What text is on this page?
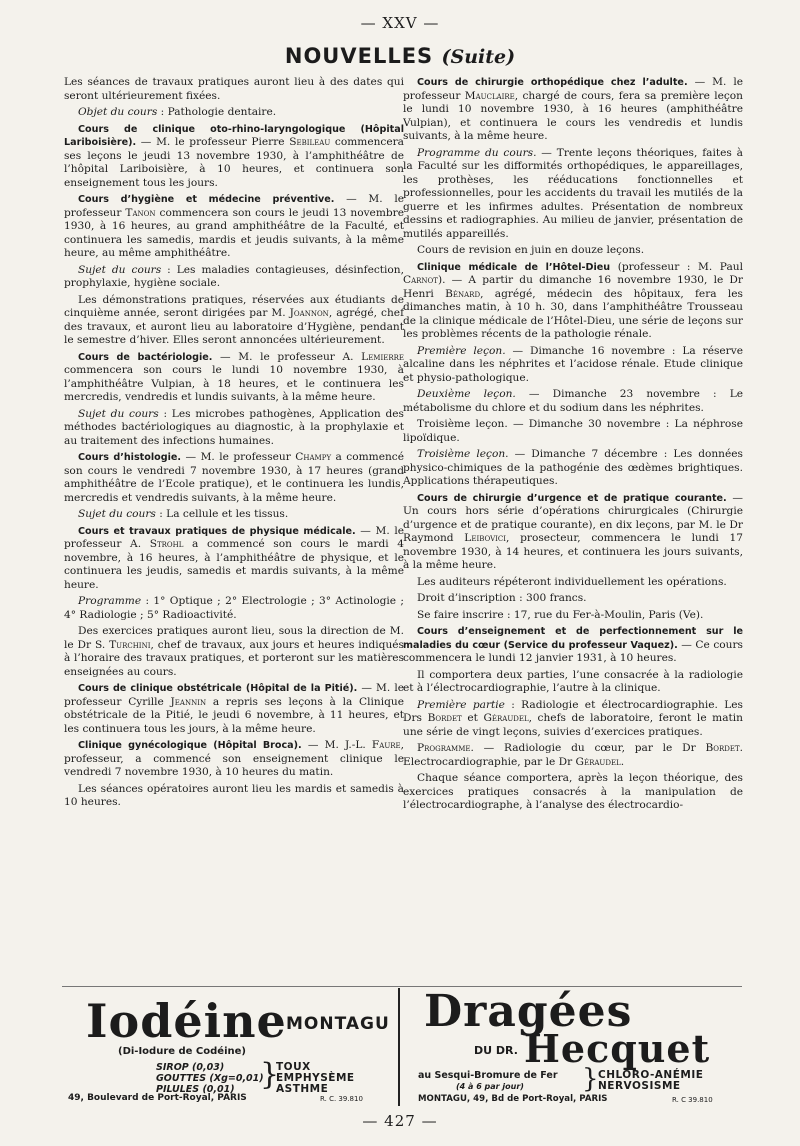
— XXV —
NOUVELLES (Suite)

Les séances de travaux pratiques auront lieu à des dates qui seront ultérieurement fixées.

Objet du cours : Pathologie dentaire.

Cours de clinique oto-rhino-laryngologique (Hôpital Lariboisière). — M. le professeur Pierre Sebileau commencera ses leçons le jeudi 13 novembre 1930, à l’amphithéâtre de l’hôpital Lariboisière, à 10 heures, et continuera son enseignement tous les jours.

Cours d’hygiène et médecine préventive. — M. le professeur Tanon commencera son cours le jeudi 13 novembre 1930, à 16 heures, au grand amphithéâtre de la Faculté, et continuera les samedis, mardis et jeudis suivants, à la même heure, au même amphithéâtre.

Sujet du cours : Les maladies contagieuses, désinfection, prophylaxie, hygiène sociale.

Les démonstrations pratiques, réservées aux étudiants de cinquième année, seront dirigées par M. Joannon, agrégé, chef des travaux, et auront lieu au laboratoire d’Hygiène, pendant le semestre d’hiver. Elles seront annoncées ultérieurement.

Cours de bactériologie. — M. le professeur A. Lemierre commencera son cours le lundi 10 novembre 1930, à l’amphithéâtre Vulpian, à 18 heures, et le continuera les mercredis, vendredis et lundis suivants, à la même heure.

Sujet du cours : Les microbes pathogènes, Application des méthodes bactériologiques au diagnostic, à la prophylaxie et au traitement des infections humaines.

Cours d’histologie. — M. le professeur Champy a commencé son cours le vendredi 7 novembre 1930, à 17 heures (grand amphithéâtre de l’Ecole pratique), et le continuera les lundis, mercredis et vendredis suivants, à la même heure.

Sujet du cours : La cellule et les tissus.

Cours et travaux pratiques de physique médicale. — M. le professeur A. Strohl a commencé son cours le mardi 4 novembre, à 16 heures, à l’amphithéâtre de physique, et le continuera les jeudis, samedis et mardis suivants, à la même heure.

Programme : 1° Optique ; 2° Electrologie ; 3° Actinologie ; 4° Radiologie ; 5° Radioactivité.

Des exercices pratiques auront lieu, sous la direction de M. le Dr S. Turchini, chef de travaux, aux jours et heures indiqués à l’horaire des travaux pratiques, et porteront sur les matières enseignées au cours.

Cours de clinique obstétricale (Hôpital de la Pitié). — M. le professeur Cyrille Jeannin a repris ses leçons à la Clinique obstétricale de la Pitié, le jeudi 6 novembre, à 11 heures, et les continuera tous les jours, à la même heure.

Clinique gynécologique (Hôpital Broca). — M. J.-L. Faure, professeur, a commencé son enseignement clinique le vendredi 7 novembre 1930, à 10 heures du matin.

Les séances opératoires auront lieu les mardis et samedis à 10 heures.

Cours de chirurgie orthopédique chez l’adulte. — M. le professeur Mauclaire, chargé de cours, fera sa première leçon le lundi 10 novembre 1930, à 16 heures (amphithéâtre Vulpian), et continuera le cours les vendredis et lundis suivants, à la même heure.

Programme du cours. — Trente leçons théoriques, faites à la Faculté sur les difformités orthopédiques, le appareillages, les prothèses, les rééducations fonctionnelles et professionnelles, pour les accidents du travail les mutilés de la guerre et les infirmes adultes. Présentation de nombreux dessins et radiographies. Au milieu de janvier, présentation de mutilés appareillés.

Cours de revision en juin en douze leçons.

Clinique médicale de l’Hôtel-Dieu (professeur : M. Paul Carnot). — A partir du dimanche 16 novembre 1930, le Dr Henri Bénard, agrégé, médecin des hôpitaux, fera les dimanches matin, à 10 h. 30, dans l’amphithéâtre Trousseau de la clinique médicale de l’Hôtel-Dieu, une série de leçons sur les problèmes récents de la pathologie rénale.

Première leçon. — Dimanche 16 novembre : La réserve alcaline dans les néphrites et l’acidose rénale. Etude clinique et physio-pathologique.

Deuxième leçon. — Dimanche 23 novembre : Le métabolisme du chlore et du sodium dans les néphrites.

Troisième leçon. — Dimanche 30 novembre : La néphrose lipoïdique.

Troisième leçon. — Dimanche 7 décembre : Les données physico-chimiques de la pathogénie des œdèmes brightiques. Applications thérapeutiques.

Cours de chirurgie d’urgence et de pratique courante. — Un cours hors série d’opérations chirurgicales (Chirurgie d’urgence et de pratique courante), en dix leçons, par M. le Dr Raymond Leibovici, prosecteur, commencera le lundi 17 novembre 1930, à 14 heures, et continuera les jours suivants, à la même heure.

Les auditeurs répéteront individuellement les opérations.

Droit d’inscription : 300 francs.

Se faire inscrire : 17, rue du Fer-à-Moulin, Paris (Ve).

Cours d’enseignement et de perfectionnement sur le maladies du cœur (Service du professeur Vaquez). — Ce cours commencera le lundi 12 janvier 1931, à 10 heures.

Il comportera deux parties, l’une consacrée à la radiologie et à l’électrocardiographie, l’autre à la clinique.

Première partie : Radiologie et électrocardiographie. Les Drs Bordet et Géraudel, chefs de laboratoire, feront le matin une série de vingt leçons, suivies d’exercices pratiques.

Programme. — Radiologie du cœur, par le Dr Bordet. Electrocardiographie, par le Dr Géraudel.

Chaque séance comportera, après la leçon théorique, des exercices pratiques consacrés à la manipulation de l’électrocardiographe, à l’analyse des électrocardio-

Iodéine MONTAGU
(Di-Iodure de Codéine)
SIROP (0,03)
GOUTTES (Xg=0,01)
PILULES (0,01) }
TOUX
EMPHYSÈME
ASTHME
49, Boulevard de Port-Royal, PARIS	R. C. 39.810
Dragées
DU DR. Hecquet
au Sesqui-Bromure de Fer
(4 à 6 par jour) } CHLORO-ANÉMIE
NERVOSISME
MONTAGU, 49, Bd de Port-Royal, PARIS	R. C 39.810
— 427 —
